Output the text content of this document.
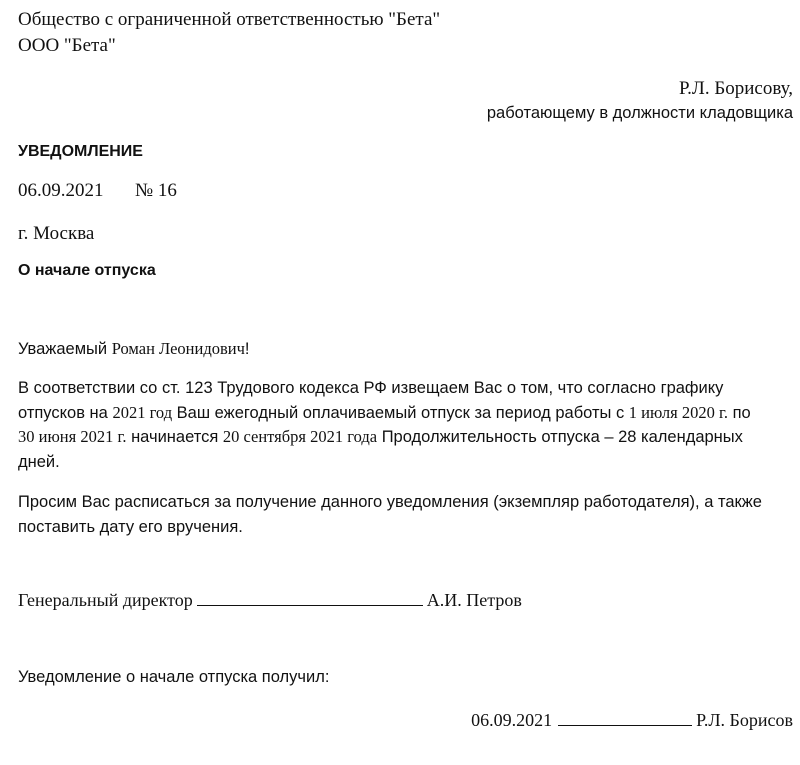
Общество с ограниченной ответственностью "Бета"
ООО "Бета"
Р.Л. Борисову,
работающему в должности кладовщика
УВЕДОМЛЕНИЕ
06.09.2021 № 16
г. Москва
О начале отпуска
Уважаемый Роман Леонидович!
В соответствии со ст. 123 Трудового кодекса РФ извещаем Вас о том, что согласно графику
отпусков на 2021 год Ваш ежегодный оплачиваемый отпуск за период работы с 1 июля 2020 г. по
30 июня 2021 г. начинается 20 сентября 2021 года Продолжительность отпуска – 28 календарных
дней.
Просим Вас расписаться за получение данного уведомления (экземпляр работодателя), а также
поставить дату его вручения.
Генеральный директор	А.И. Петров
Уведомление о начале отпуска получил:
06.09.2021	Р.Л. Борисов
